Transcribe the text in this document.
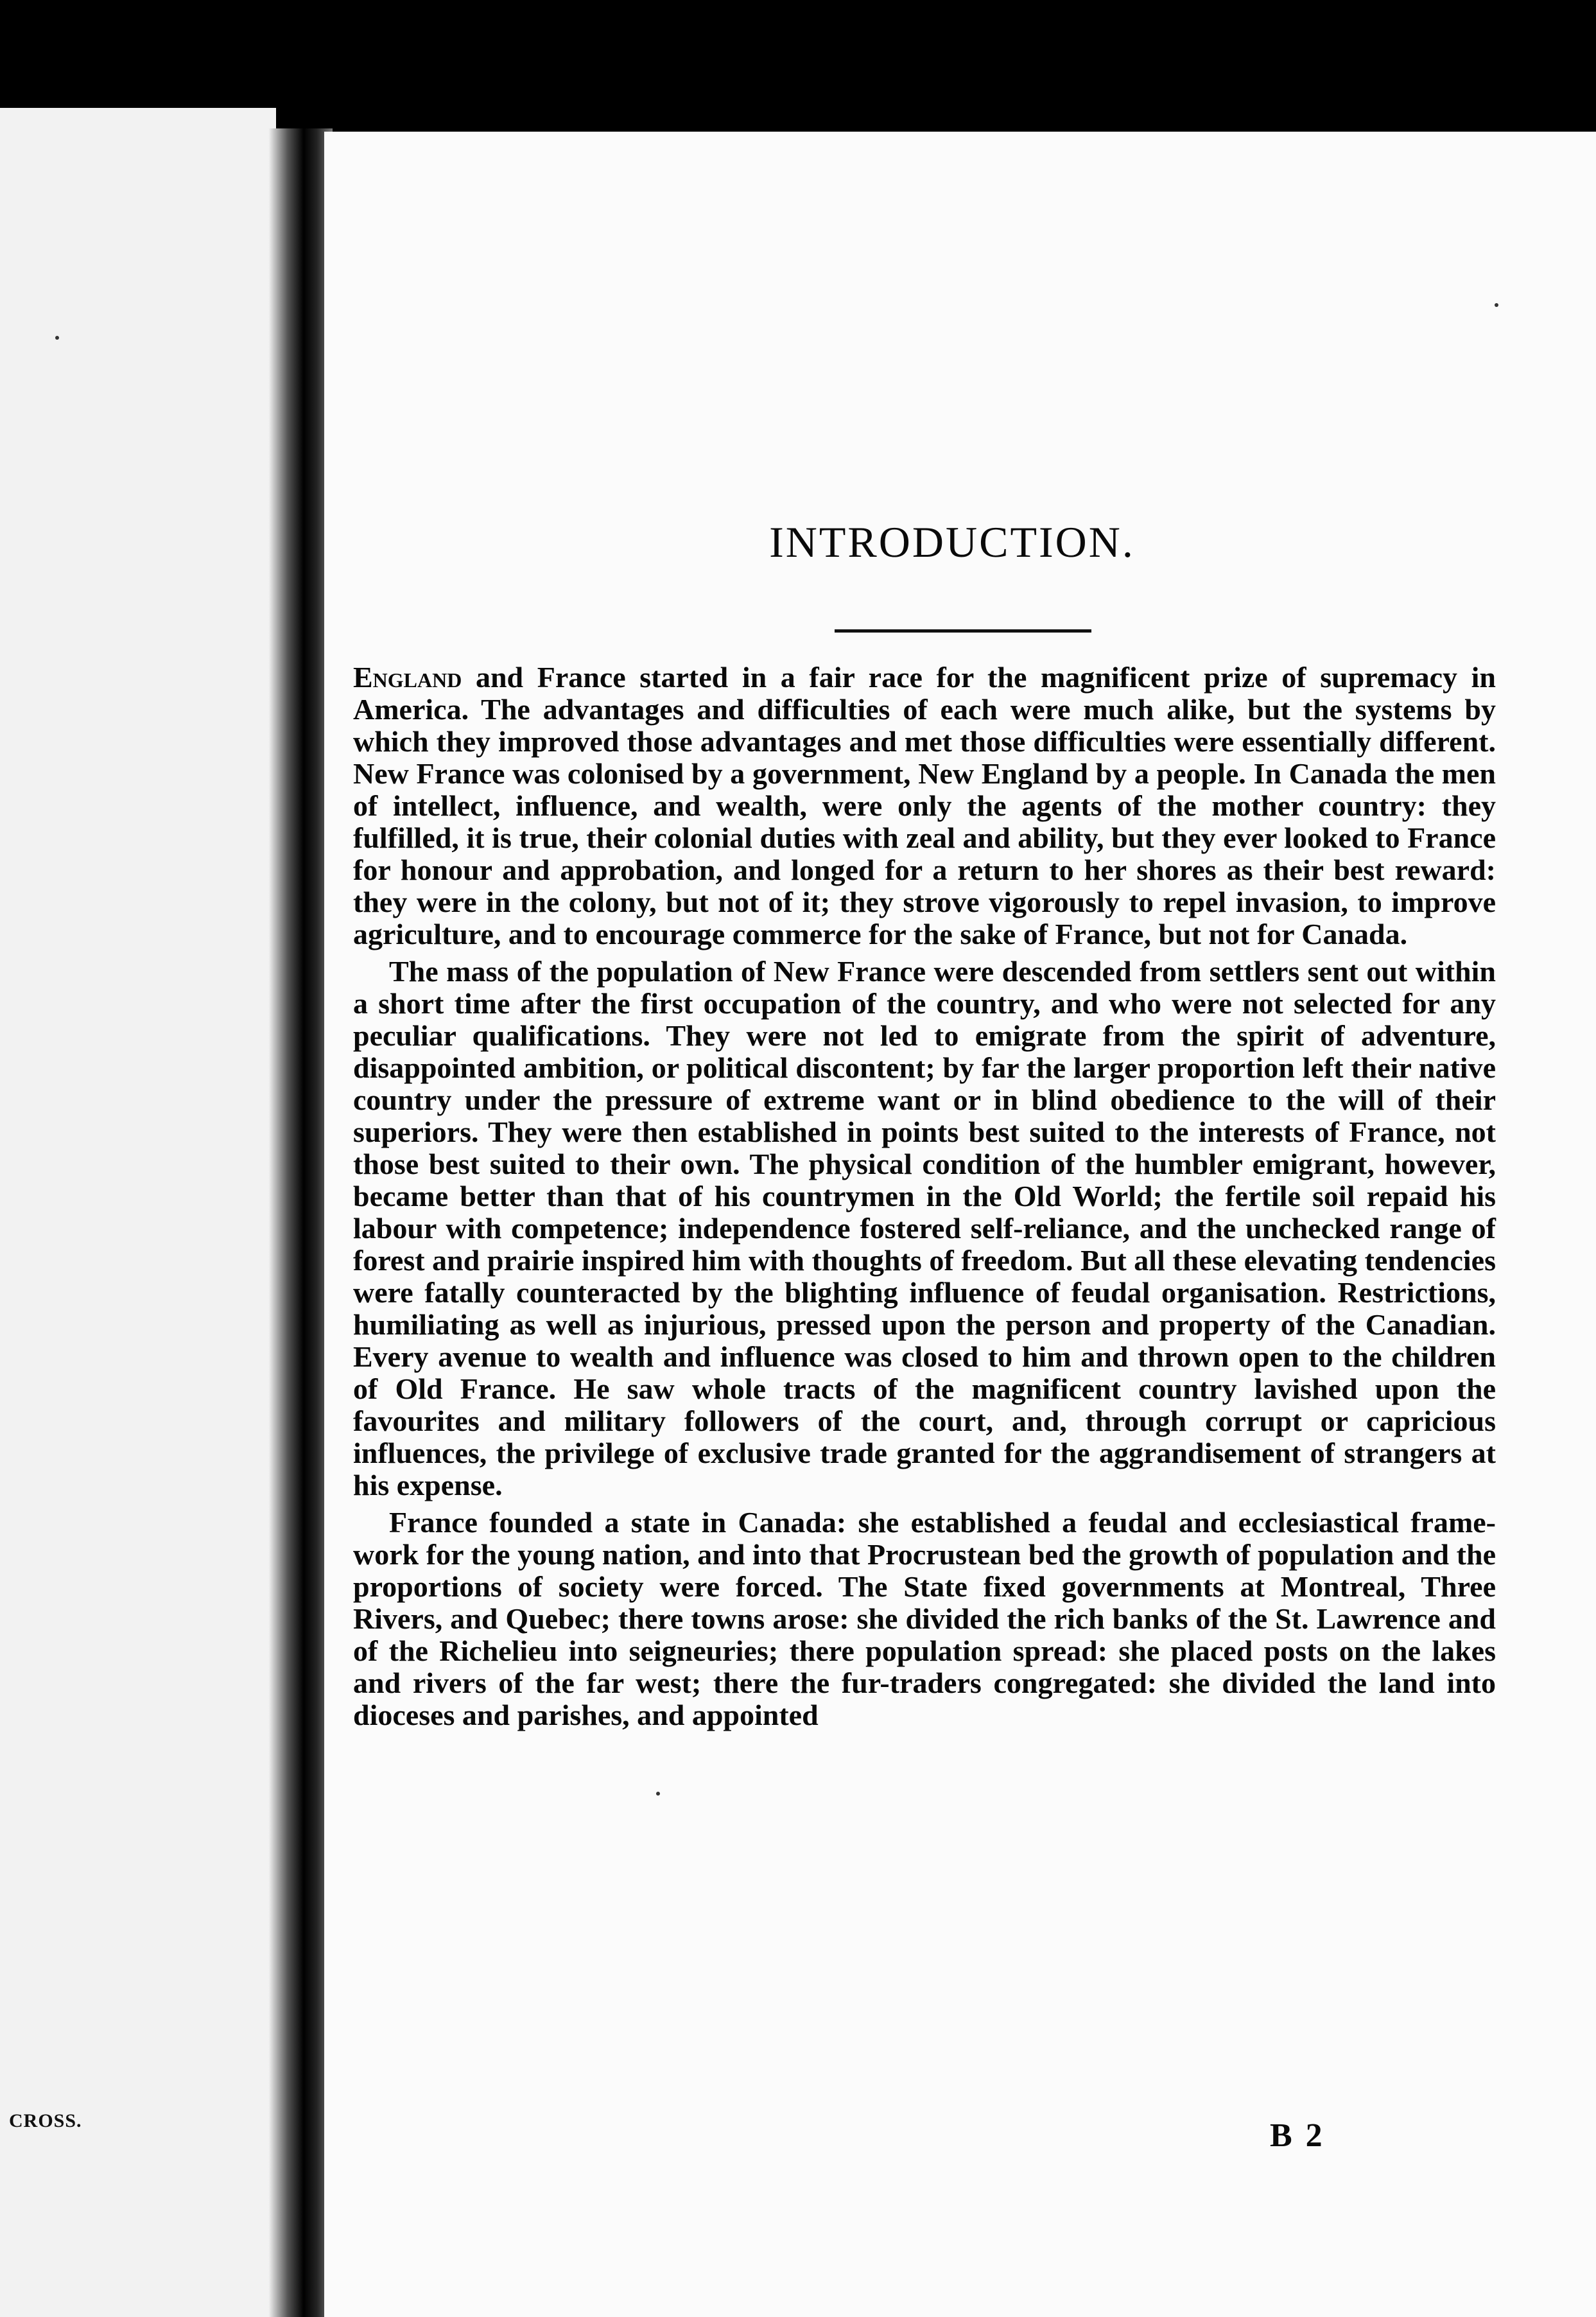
CROSS.
INTRODUCTION.

England and France started in a fair race for the magnificent prize of supremacy in America. The advantages and difficulties of each were much alike, but the systems by which they improved those advantages and met those difficulties were essentially different. New France was colonised by a government, New England by a people. In Canada the men of intellect, influence, and wealth, were only the agents of the mother country: they fulfilled, it is true, their colonial duties with zeal and ability, but they ever looked to France for honour and approbation, and longed for a return to her shores as their best reward: they were in the colony, but not of it; they strove vigorously to repel invasion, to improve agriculture, and to encourage commerce for the sake of France, but not for Canada.

The mass of the population of New France were descended from settlers sent out within a short time after the first occupation of the country, and who were not selected for any peculiar qualifications. They were not led to emigrate from the spirit of adventure, disappointed ambition, or political discontent; by far the larger proportion left their native country under the pressure of extreme want or in blind obedience to the will of their superiors. They were then established in points best suited to the interests of France, not those best suited to their own. The physical condition of the humbler emigrant, however, became better than that of his countrymen in the Old World; the fertile soil repaid his labour with competence; independence fostered self-reliance, and the unchecked range of forest and prairie inspired him with thoughts of freedom. But all these elevating tendencies were fatally counteracted by the blighting influence of feudal organisation. Restrictions, humiliating as well as injurious, pressed upon the person and property of the Canadian. Every avenue to wealth and influence was closed to him and thrown open to the children of Old France. He saw whole tracts of the magnificent country lavished upon the favourites and military followers of the court, and, through corrupt or capricious influences, the privilege of exclusive trade granted for the aggrandisement of strangers at his expense.

France founded a state in Canada: she established a feudal and ecclesiastical frame-work for the young nation, and into that Procrustean bed the growth of population and the proportions of society were forced. The State fixed governments at Montreal, Three Rivers, and Quebec; there towns arose: she divided the rich banks of the St. Lawrence and of the Richelieu into seigneuries; there population spread: she placed posts on the lakes and rivers of the far west; there the fur-traders congregated: she divided the land into dioceses and parishes, and appointed

B 2
